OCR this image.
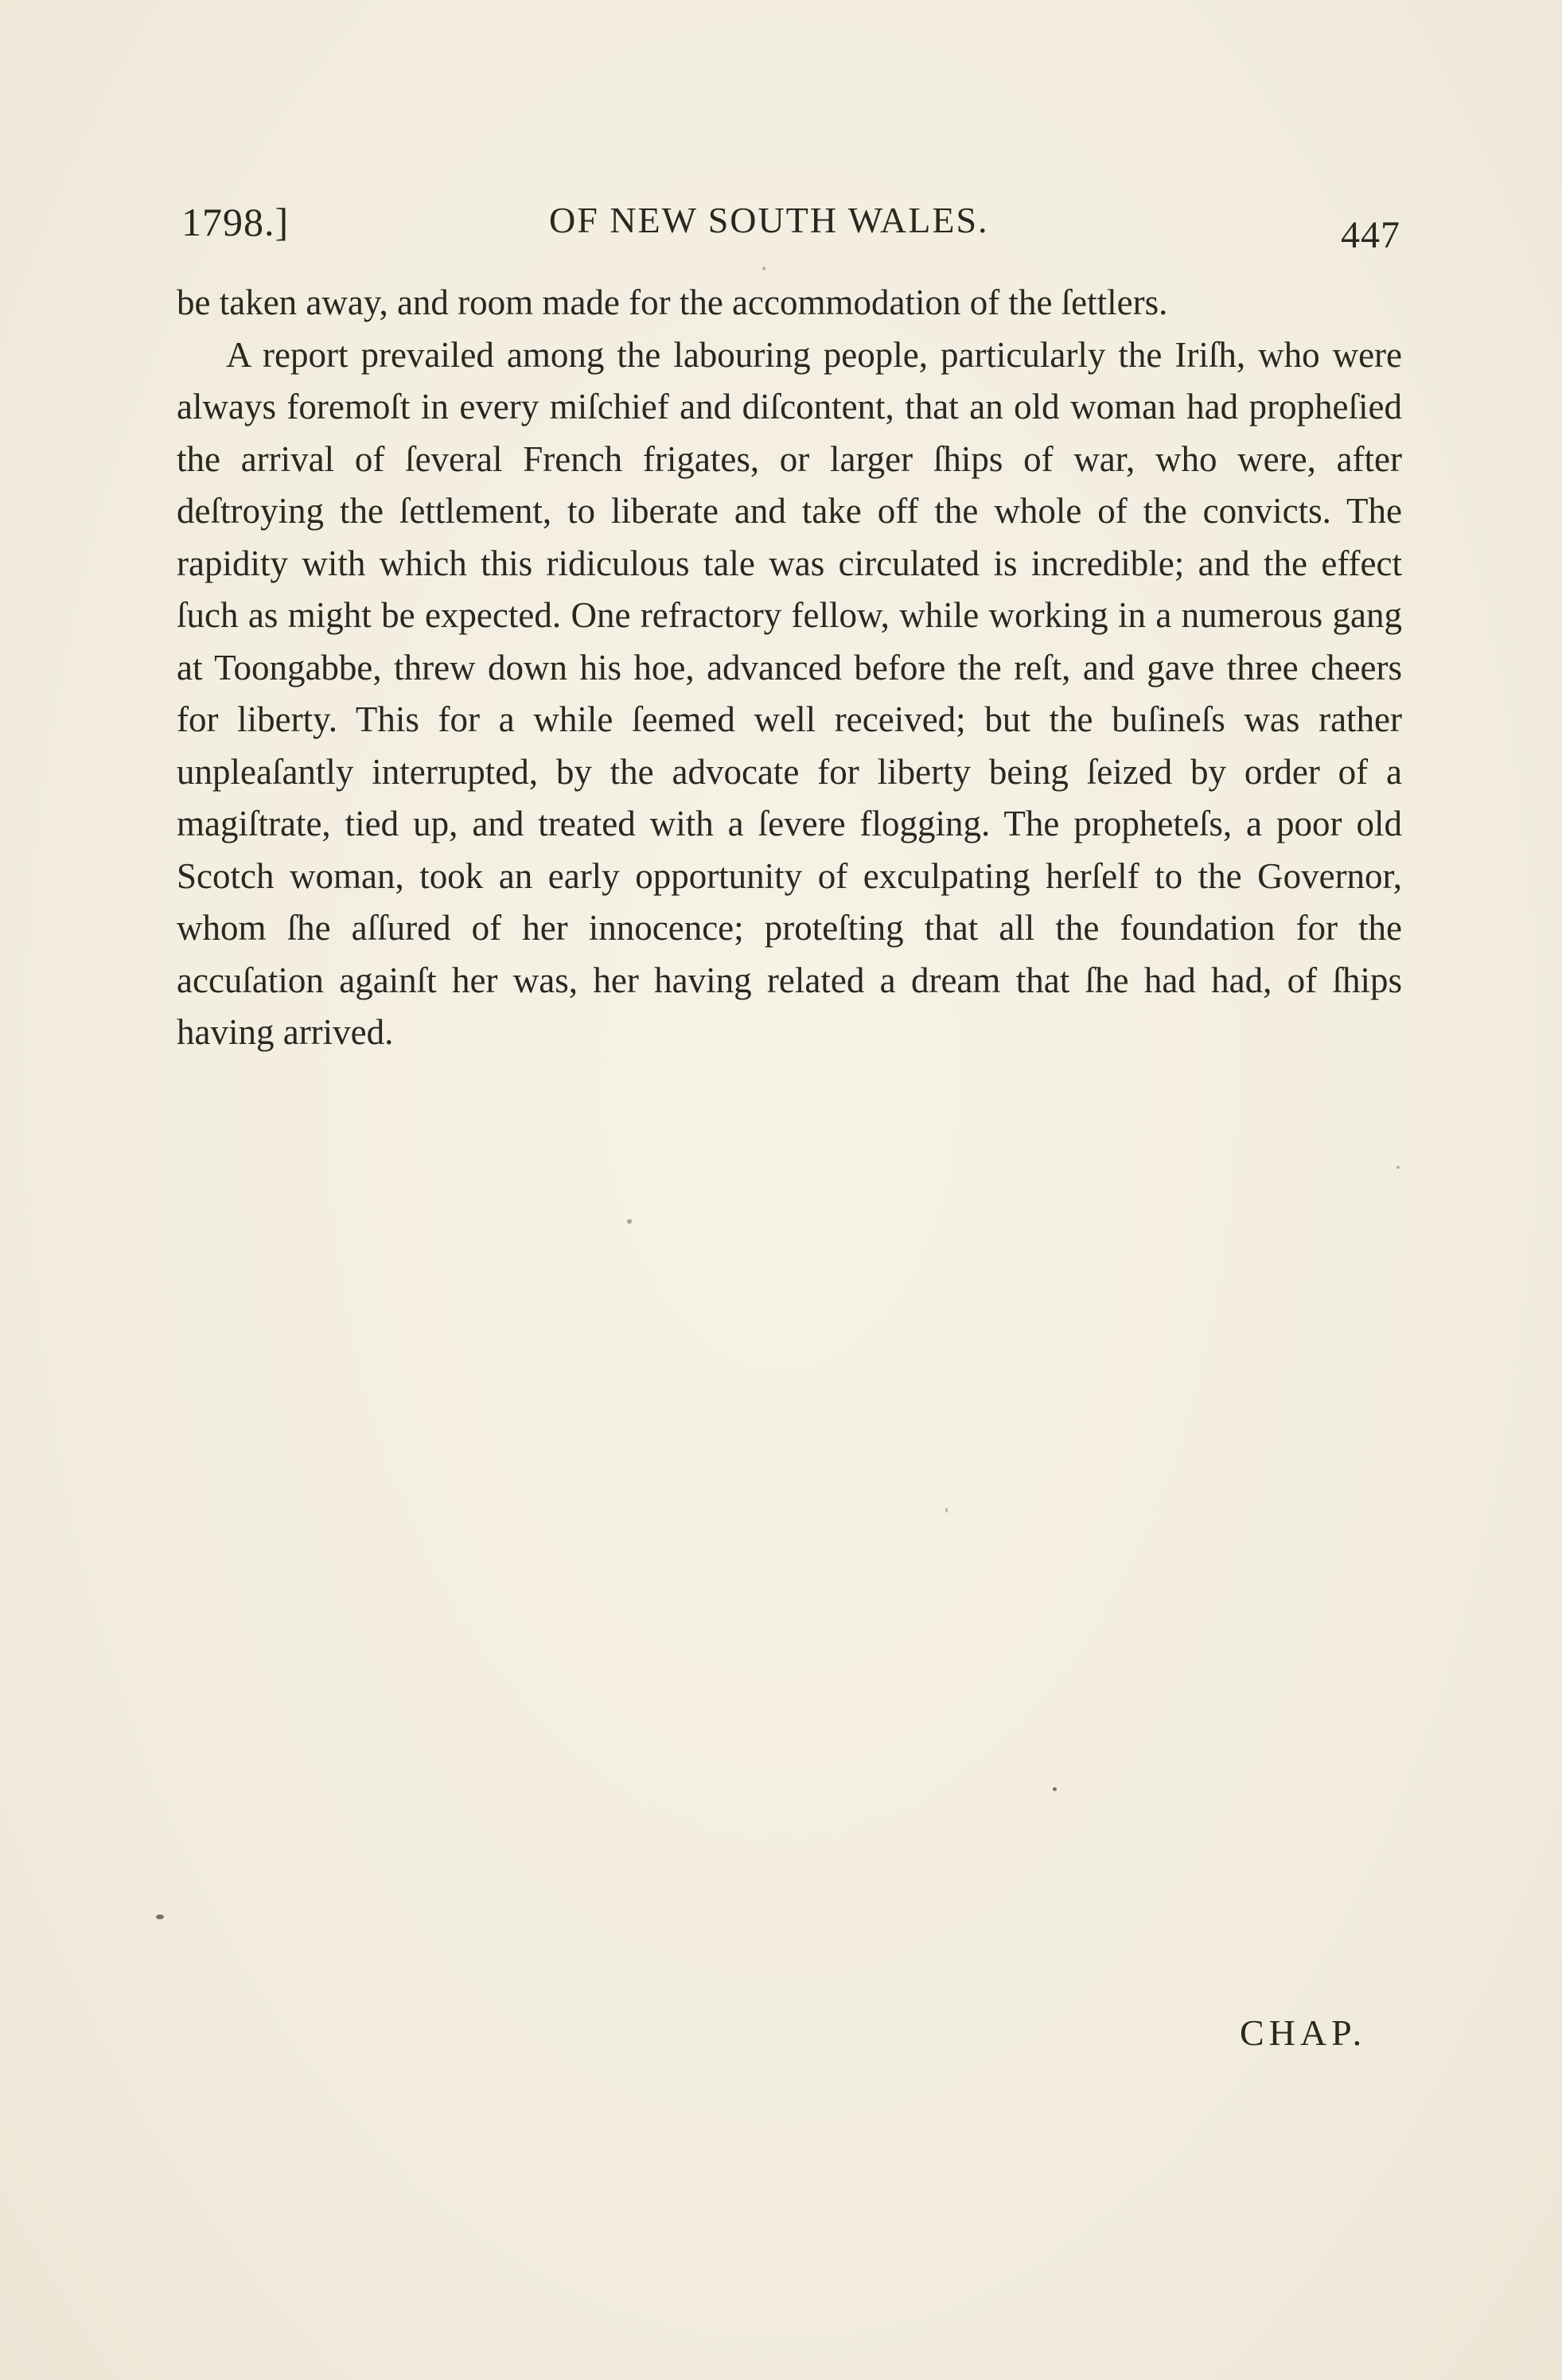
1798.]	OF NEW SOUTH WALES.	447

be taken away, and room made for the accommodation of the ſettlers.

A report prevailed among the labouring people, particularly the Iriſh, who were always foremoſt in every miſchief and diſcontent, that an old woman had propheſied the arrival of ſeveral French frigates, or larger ſhips of war, who were, after deſtroying the ſettlement, to liberate and take off the whole of the convicts. The rapidity with which this ridiculous tale was circulated is incredible; and the effect ſuch as might be expected. One refractory fellow, while working in a numerous gang at Toongabbe, threw down his hoe, advanced before the reſt, and gave three cheers for liberty. This for a while ſeemed well received; but the buſineſs was rather unpleaſantly interrupted, by the advocate for liberty being ſeized by order of a magiſtrate, tied up, and treated with a ſevere flogging. The propheteſs, a poor old Scotch woman, took an early opportunity of exculpating herſelf to the Governor, whom ſhe aſſured of her innocence; proteſting that all the foundation for the accuſation againſt her was, her having related a dream that ſhe had had, of ſhips having arrived.

CHAP.
